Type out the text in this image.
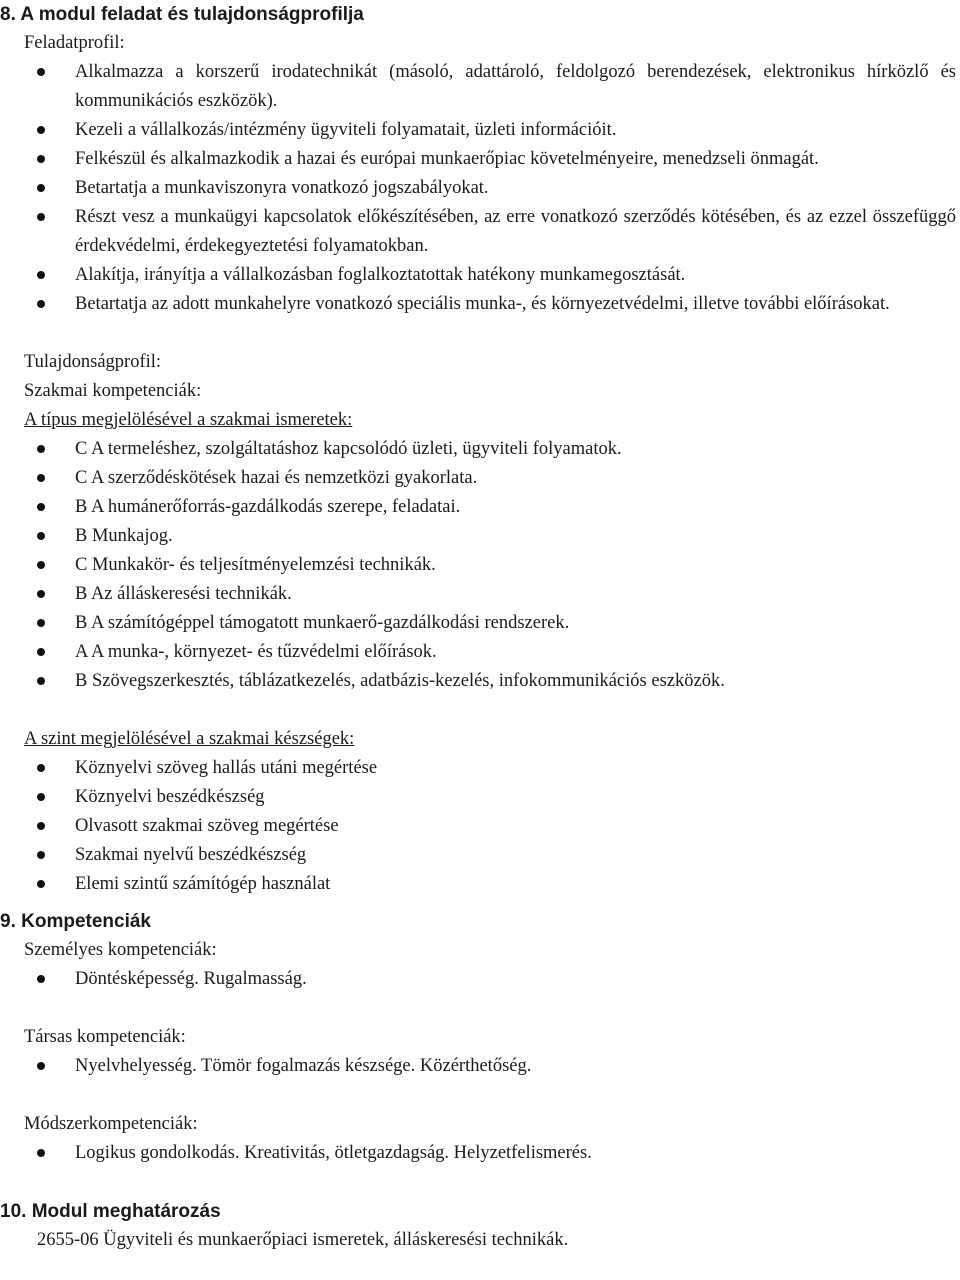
8. A modul feladat és tulajdonságprofilja

Feladatprofil:

Alkalmazza a korszerű irodatechnikát (másoló, adattároló, feldolgozó berendezések, elektronikus hírközlő és kommunikációs eszközök).
Kezeli a vállalkozás/intézmény ügyviteli folyamatait, üzleti információit.
Felkészül és alkalmazkodik a hazai és európai munkaerőpiac követelményeire, menedzseli önmagát.
Betartatja a munkaviszonyra vonatkozó jogszabályokat.
Részt vesz a munkaügyi kapcsolatok előkészítésében, az erre vonatkozó szerződés kötésében, és az ezzel összefüggő érdekvédelmi, érdekegyeztetési folyamatokban.
Alakítja, irányítja a vállalkozásban foglalkoztatottak hatékony munkamegosztását.
Betartatja az adott munkahelyre vonatkozó speciális munka-, és környezetvédelmi, illetve további előírásokat.

Tulajdonságprofil:

Szakmai kompetenciák:

A típus megjelölésével a szakmai ismeretek:

C A termeléshez, szolgáltatáshoz kapcsolódó üzleti, ügyviteli folyamatok.
C A szerződéskötések hazai és nemzetközi gyakorlata.
B A humánerőforrás-gazdálkodás szerepe, feladatai.
B Munkajog.
C Munkakör- és teljesítményelemzési technikák.
B Az álláskeresési technikák.
B A számítógéppel támogatott munkaerő-gazdálkodási rendszerek.
A A munka-, környezet- és tűzvédelmi előírások.
B Szövegszerkesztés, táblázatkezelés, adatbázis-kezelés, infokommunikációs eszközök.

A szint megjelölésével a szakmai készségek:

Köznyelvi szöveg hallás utáni megértése
Köznyelvi beszédkészség
Olvasott szakmai szöveg megértése
Szakmai nyelvű beszédkészség
Elemi szintű számítógép használat

9. Kompetenciák

Személyes kompetenciák:

Döntésképesség. Rugalmasság.

Társas kompetenciák:

Nyelvhelyesség. Tömör fogalmazás készsége. Közérthetőség.

Módszerkompetenciák:

Logikus gondolkodás. Kreativitás, ötletgazdagság. Helyzetfelismerés.

10. Modul meghatározás

2655-06 Ügyviteli és munkaerőpiaci ismeretek, álláskeresési technikák.
